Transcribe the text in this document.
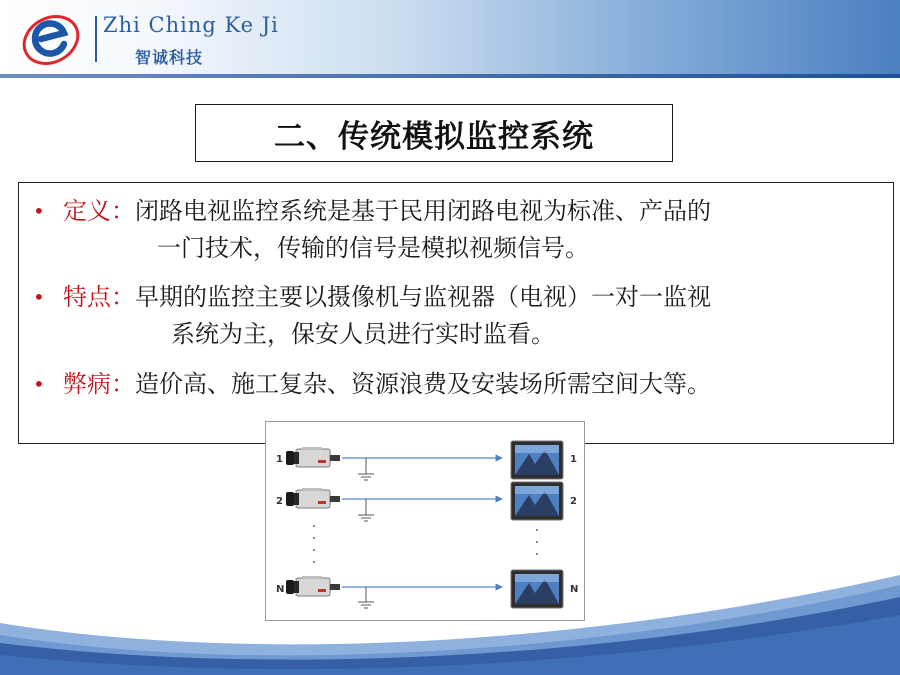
Zhi Ching Ke Ji
智诚科技
二、传统模拟监控系统
• 定义：闭路电视监控系统是基于民用闭路电视为标准、产品的
一门技术，传输的信号是模拟视频信号。
• 特点：早期的监控主要以摄像机与监视器（电视）一对一监视
系统为主，保安人员进行实时监看。
• 弊病：造价高、施工复杂、资源浪费及安装场所需空间大等。
1	1
2	2
N	N
